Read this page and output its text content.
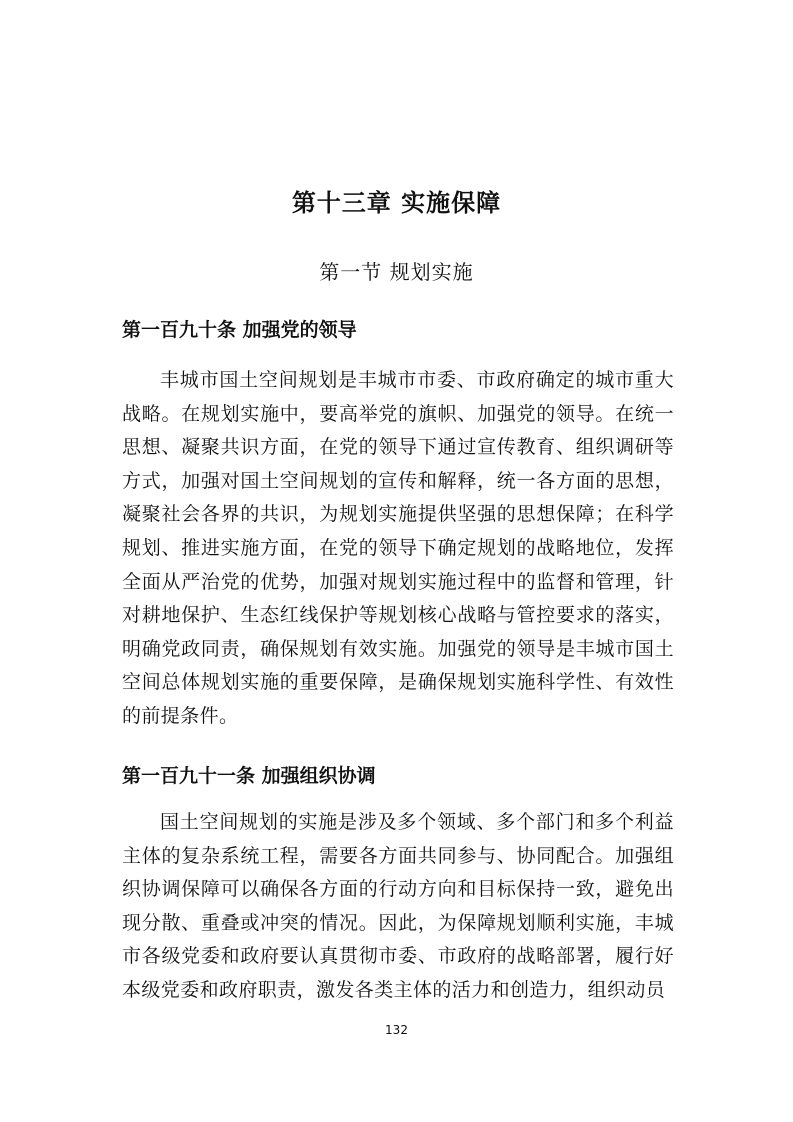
第十三章 实施保障
第一节 规划实施
第一百九十条 加强党的领导
丰城市国土空间规划是丰城市市委、市政府确定的城市重大战略。在规划实施中，要高举党的旗帜、加强党的领导。在统一思想、凝聚共识方面，在党的领导下通过宣传教育、组织调研等方式，加强对国土空间规划的宣传和解释，统一各方面的思想，凝聚社会各界的共识，为规划实施提供坚强的思想保障；在科学规划、推进实施方面，在党的领导下确定规划的战略地位，发挥全面从严治党的优势，加强对规划实施过程中的监督和管理，针对耕地保护、生态红线保护等规划核心战略与管控要求的落实，明确党政同责，确保规划有效实施。加强党的领导是丰城市国土空间总体规划实施的重要保障，是确保规划实施科学性、有效性的前提条件。
第一百九十一条 加强组织协调
国土空间规划的实施是涉及多个领域、多个部门和多个利益主体的复杂系统工程，需要各方面共同参与、协同配合。加强组织协调保障可以确保各方面的行动方向和目标保持一致，避免出现分散、重叠或冲突的情况。因此，为保障规划顺利实施，丰城市各级党委和政府要认真贯彻市委、市政府的战略部署，履行好本级党委和政府职责，激发各类主体的活力和创造力，组织动员
132
